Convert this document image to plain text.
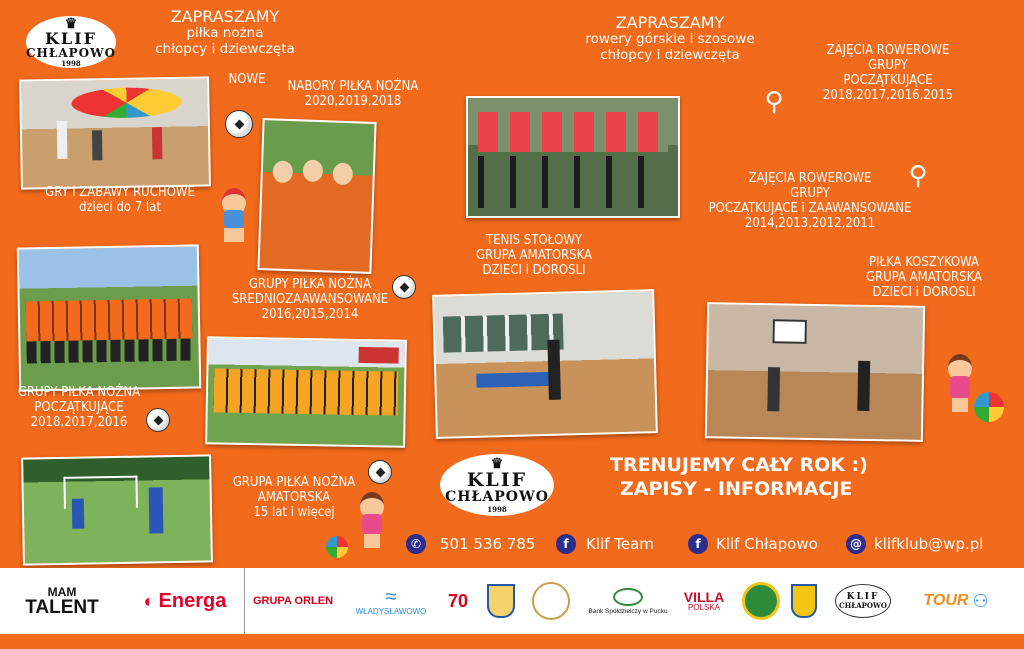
♛
KLIF
CHŁAPOWO
1998
ZAPRASZAMY
piłka nożna
chłopcy i dziewczęta
NOWE	NABORY PIŁKA NOŻNA
2020,2019,2018
GRY i ZABAWY RUCHOWE
dzieci do 7 lat
GRUPY PIŁKA NOŻNA
ŚREDNIOZAAWANSOWANE
2016,2015,2014
GRUPY PIŁKA NOŻNA
POCZĄTKUJĄCE
2018,2017,2016
GRUPA PIŁKA NOŻNA
AMATORSKA
15 lat i więcej
ZAPRASZAMY
rowery górskie i szosowe
chłopcy i dziewczęta	ZAJĘCIA ROWEROWE
GRUPY
POCZĄTKUJĄCE
2018,2017,2016,2015
⚲
⚲
ZAJĘCIA ROWEROWE
GRUPY
POCZĄTKUJĄCE i ZAAWANSOWANE
2014,2013,2012,2011
TENIS STOŁOWY
GRUPA AMATORSKA
DZIECI i DOROSLI
PIŁKA KOSZYKOWA
GRUPA AMATORSKA
DZIECI i DOROSLI
♛
KLIF
CHŁAPOWO
1998
TRENUJEMY CAŁY ROK :)
ZAPISY - INFORMACJE
✆	501 536 785	f	Klif Team	f	Klif Chłapowo	@ klifklub@wp.pl
MAM
TALENT ◐ Energa GRUPA ORLEN	≈
WŁADYSŁAWOWO
70
Bank Spółdzielczy w Pucku
VILLA
POLSKA
KLIF
CHŁAPOWO TOUR ⚇
